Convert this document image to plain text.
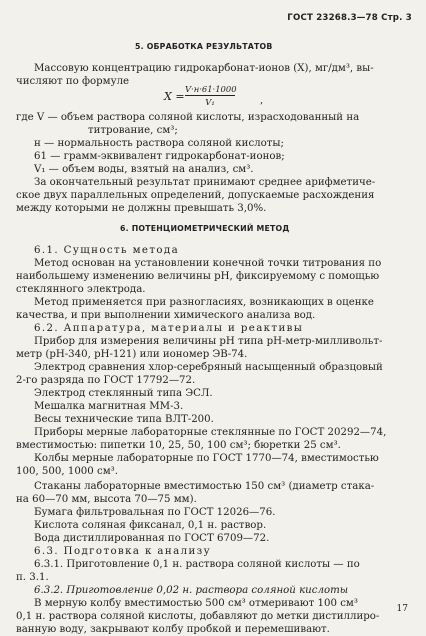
ГОСТ 23268.3—78 Стр. 3
5. ОБРАБОТКА РЕЗУЛЬТАТОВ
Массовую концентрацию гидрокарбонат-ионов (X), мг/дм³, вы-
числяют по формуле
X =
V·н·61·1000
V₁	,
где V — объем раствора соляной кислоты, израсходованный на
титрование, см³;
н — нормальность раствора соляной кислоты;
61 — грамм-эквивалент гидрокарбонат-ионов;
V₁ — объем воды, взятый на анализ, см³.
За окончательный результат принимают среднее арифметиче-
ское двух параллельных определений, допускаемые расхождения
между которыми не должны превышать 3,0%.
6. ПОТЕНЦИОМЕТРИЧЕСКИЙ МЕТОД
6.1. Сущность метода
Метод основан на установлении конечной точки титрования по
наибольшему изменению величины pH, фиксируемому с помощью
стеклянного электрода.
Метод применяется при разногласиях, возникающих в оценке
качества, и при выполнении химического анализа вод.
6.2. Аппаратура, материалы и реактивы
Прибор для измерения величины pH типа pH-метр-милливольт-
метр (pH-340, pH-121) или иономер ЭВ-74.
Электрод сравнения хлор-серебряный насыщенный образцовый
2-го разряда по ГОСТ 17792—72.
Электрод стеклянный типа ЭСЛ.
Мешалка магнитная ММ-3.
Весы технические типа ВЛТ-200.
Приборы мерные лабораторные стеклянные по ГОСТ 20292—74,
вместимостью: пипетки 10, 25, 50, 100 см³; бюретки 25 см³.
Колбы мерные лабораторные по ГОСТ 1770—74, вместимостью
100, 500, 1000 см³.
Стаканы лабораторные вместимостью 150 см³ (диаметр стака-
на 60—70 мм, высота 70—75 мм).
Бумага фильтровальная по ГОСТ 12026—76.
Кислота соляная фиксанал, 0,1 н. раствор.
Вода дистиллированная по ГОСТ 6709—72.
6.3. Подготовка к анализу
6.3.1. Приготовление 0,1 н. раствора соляной кислоты — по
п. 3.1.
6.3.2. Приготовление 0,02 н. раствора соляной кислоты
В мерную колбу вместимостью 500 см³ отмеривают 100 см³
0,1 н. раствора соляной кислоты, добавляют до метки дистиллиро-
ванную воду, закрывают колбу пробкой и перемешивают.
17
